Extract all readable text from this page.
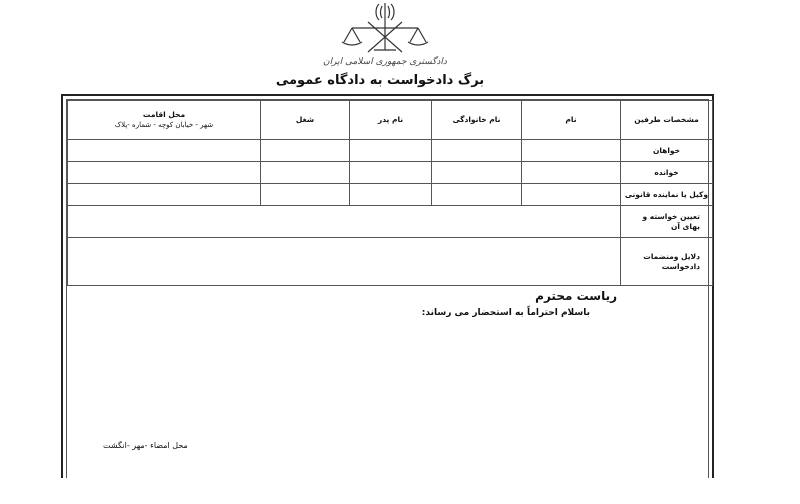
دادگستری جمهوری اسلامی ایران
برگ دادخواست به دادگاه عمومی
مشخصات طرفین	نام	نام خانوادگی	نام پدر	شغل	محل اقامت
شهر - خیابان کوچه - شماره -پلاک

خواهان					
خوانده					
وکیل یا نماینده قانونی					
تعیین خواسته و بهای آن					
دلایل ومنضمات دادخواست					
ریاست محترم
باسلام احتراماً به استحضار می رساند:
محل امضاء -مهر -انگشت
